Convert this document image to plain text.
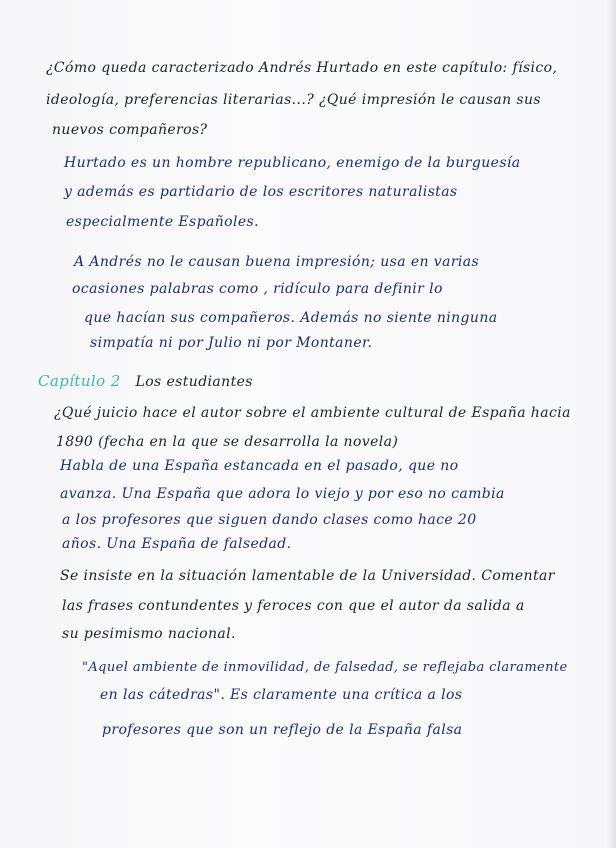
¿Cómo queda caracterizado Andrés Hurtado en este capítulo: físico,
ideología, preferencias literarias...? ¿Qué impresión le causan sus
nuevos compañeros?
Hurtado es un hombre republicano, enemigo de la burguesía
y además es partidario de los escritores naturalistas
especialmente Españoles.
A Andrés no le causan buena impresión; usa en varias
ocasiones palabras como , ridículo para definir lo
que hacían sus compañeros. Además no siente ninguna
simpatía ni por Julio ni por Montaner.
Capítulo 2 Los estudiantes
¿Qué juicio hace el autor sobre el ambiente cultural de España hacia
1890 (fecha en la que se desarrolla la novela)
Habla de una España estancada en el pasado, que no
avanza. Una España que adora lo viejo y por eso no cambia
a los profesores que siguen dando clases como hace 20
años. Una España de falsedad.
Se insiste en la situación lamentable de la Universidad. Comentar
las frases contundentes y feroces con que el autor da salida a
su pesimismo nacional.
"Aquel ambiente de inmovilidad, de falsedad, se reflejaba claramente
en las cátedras". Es claramente una crítica a los
profesores que son un reflejo de la España falsa
